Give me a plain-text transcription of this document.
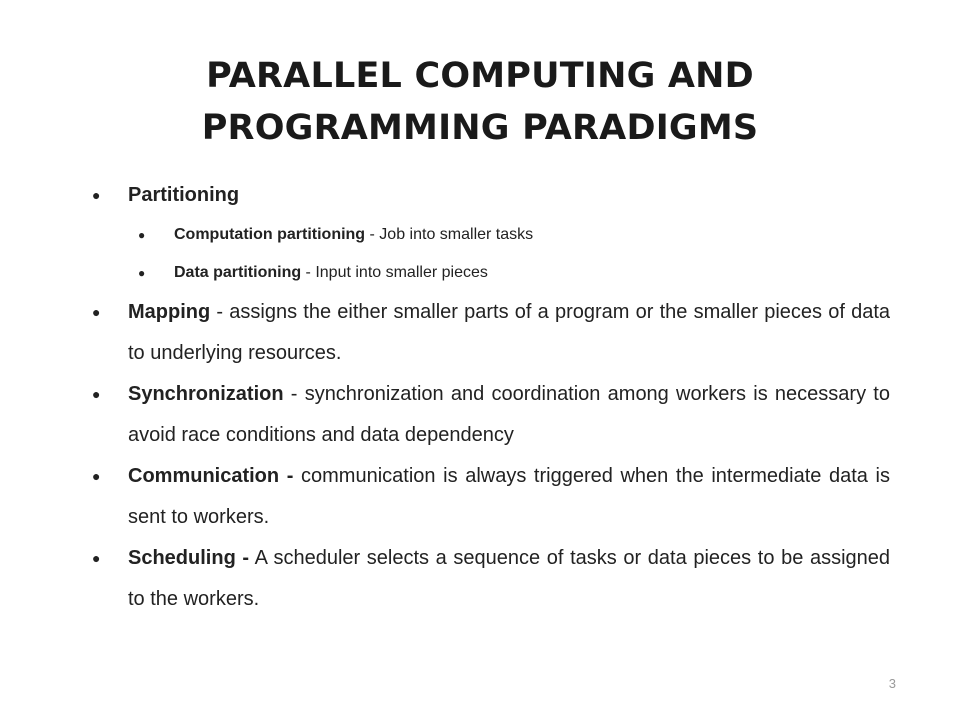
PARALLEL COMPUTING AND
PROGRAMMING PARADIGMS
● Partitioning
● Computation partitioning - Job into smaller tasks
● Data partitioning - Input into smaller pieces
● Mapping - assigns the either smaller parts of a program or the smaller pieces of data to underlying resources.
● Synchronization - synchronization and coordination among workers is necessary to avoid race conditions and data dependency
● Communication - communication is always triggered when the intermediate data is sent to workers.
● Scheduling - A scheduler selects a sequence of tasks or data pieces to be assigned to the workers.
3
